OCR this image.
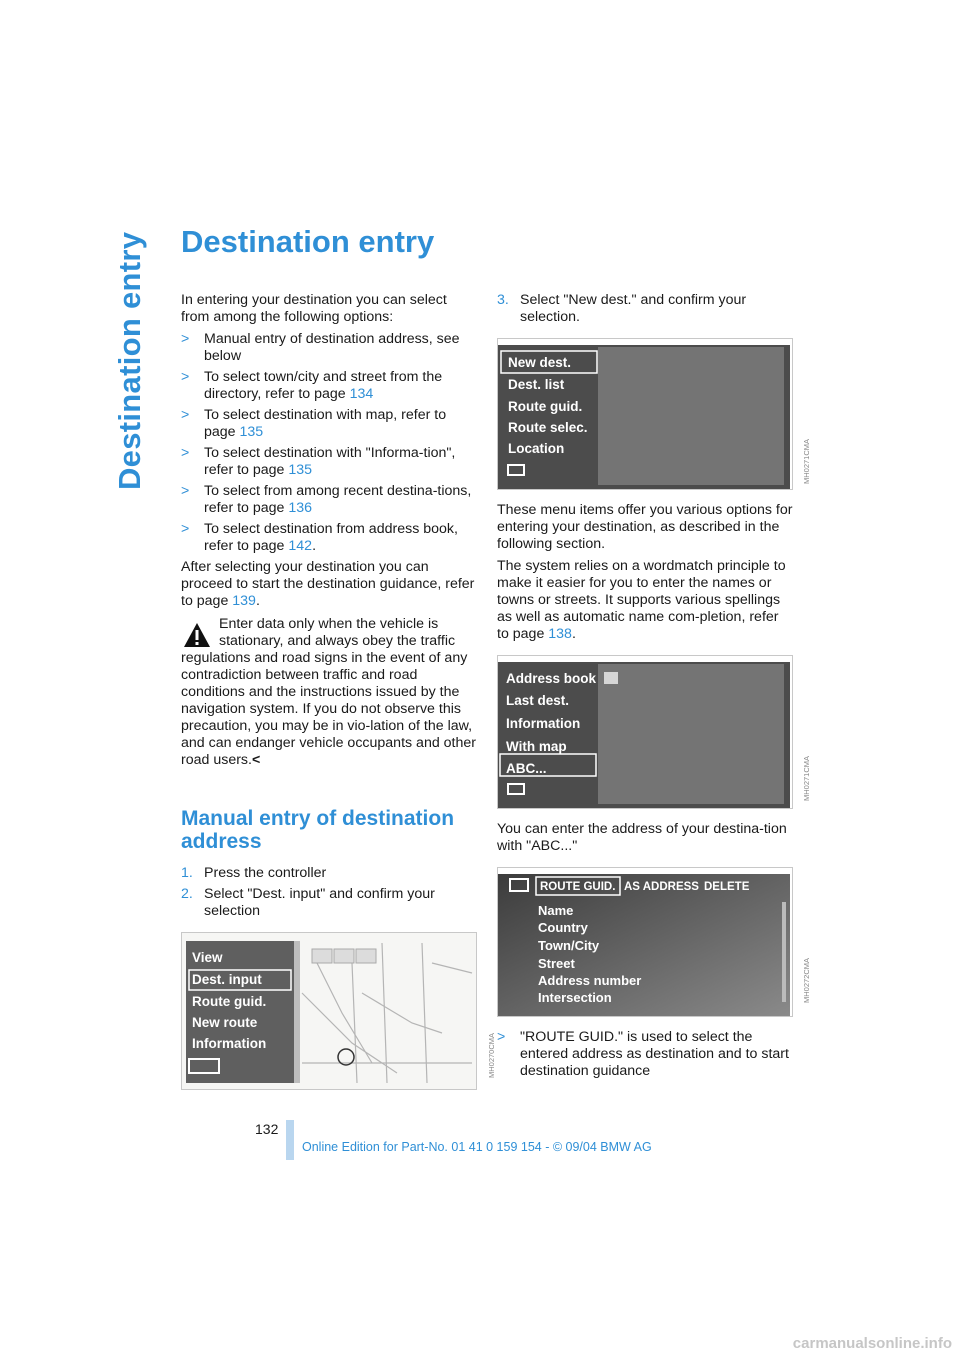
Destination entry Destination entry

In entering your destination you can select from among the following options:

> Manual entry of destination address, see below

> To select town/city and street from the directory, refer to page 134

> To select destination with map, refer to page 135

> To select destination with "Informa-tion", refer to page 135

> To select from among recent destina-tions, refer to page 136

> To select destination from address book, refer to page 142.

After selecting your destination you can proceed to start the destination guidance, refer to page 139.

Enter data only when the vehicle is stationary, and always obey the traffic regulations and road signs in the event of any contradiction between traffic and road conditions and the instructions issued by the navigation system. If you do not observe this precaution, you may be in vio-lation of the law, and can endanger vehicle occupants and other road users.<

Manual entry of destination address

1. Press the controller

2. Select "Dest. input" and confirm your selection

View
Dest. input
Route guid.
New route
Information	MH0270CMA

3. Select "New dest." and confirm your selection.

New dest.
Dest. list
Route guid.
Route selec.
Location	MH0271CMA

These menu items offer you various options for entering your destination, as described in the following section.

The system relies on a wordmatch principle to make it easier for you to enter the names or towns or streets. It supports various spellings as well as automatic name com-pletion, refer to page 138.

Address book
Last dest.
Information
With map
ABC...	MH0271CMA

You can enter the address of your destina-tion with "ABC..."

ROUTE GUID. AS ADDRESS DELETE
Name
Country
Town/City
Street
Address number
Intersection	MH0272CMA

> "ROUTE GUID." is used to select the entered address as destination and to start destination guidance

132
Online Edition for Part-No. 01 41 0 159 154 - © 09/04 BMW AG
carmanualsonline.info
